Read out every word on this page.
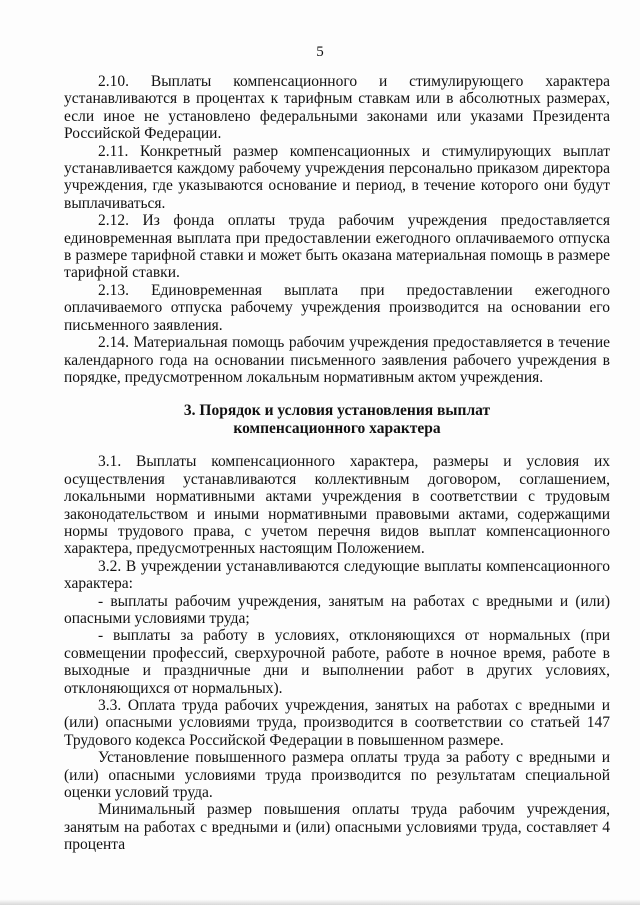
5

2.10. Выплаты компенсационного и стимулирующего характера устанавливаются в процентах к тарифным ставкам или в абсолютных размерах, если иное не установлено федеральными законами или указами Президента Российской Федерации.

2.11. Конкретный размер компенсационных и стимулирующих выплат устанавливается каждому рабочему учреждения персонально приказом директора учреждения, где указываются основание и период, в течение которого они будут выплачиваться.

2.12. Из фонда оплаты труда рабочим учреждения предоставляется единовременная выплата при предоставлении ежегодного оплачиваемого отпуска в размере тарифной ставки и может быть оказана материальная помощь в размере тарифной ставки.

2.13. Единовременная выплата при предоставлении ежегодного оплачиваемого отпуска рабочему учреждения производится на основании его письменного заявления.

2.14. Материальная помощь рабочим учреждения предоставляется в течение календарного года на основании письменного заявления рабочего учреждения в порядке, предусмотренном локальным нормативным актом учреждения.

3. Порядок и условия установления выплат
компенсационного характера

3.1. Выплаты компенсационного характера, размеры и условия их осуществления устанавливаются коллективным договором, соглашением, локальными нормативными актами учреждения в соответствии с трудовым законодательством и иными нормативными правовыми актами, содержащими нормы трудового права, с учетом перечня видов выплат компенсационного характера, предусмотренных настоящим Положением.

3.2. В учреждении устанавливаются следующие выплаты компенсационного характера:

- выплаты рабочим учреждения, занятым на работах с вредными и (или) опасными условиями труда;

- выплаты за работу в условиях, отклоняющихся от нормальных (при совмещении профессий, сверхурочной работе, работе в ночное время, работе в выходные и праздничные дни и выполнении работ в других условиях, отклоняющихся от нормальных).

3.3. Оплата труда рабочих учреждения, занятых на работах с вредными и (или) опасными условиями труда, производится в соответствии со статьей 147 Трудового кодекса Российской Федерации в повышенном размере.

Установление повышенного размера оплаты труда за работу с вредными и (или) опасными условиями труда производится по результатам специальной оценки условий труда.

Минимальный размер повышения оплаты труда рабочим учреждения, занятым на работах с вредными и (или) опасными условиями труда, составляет 4 процента
